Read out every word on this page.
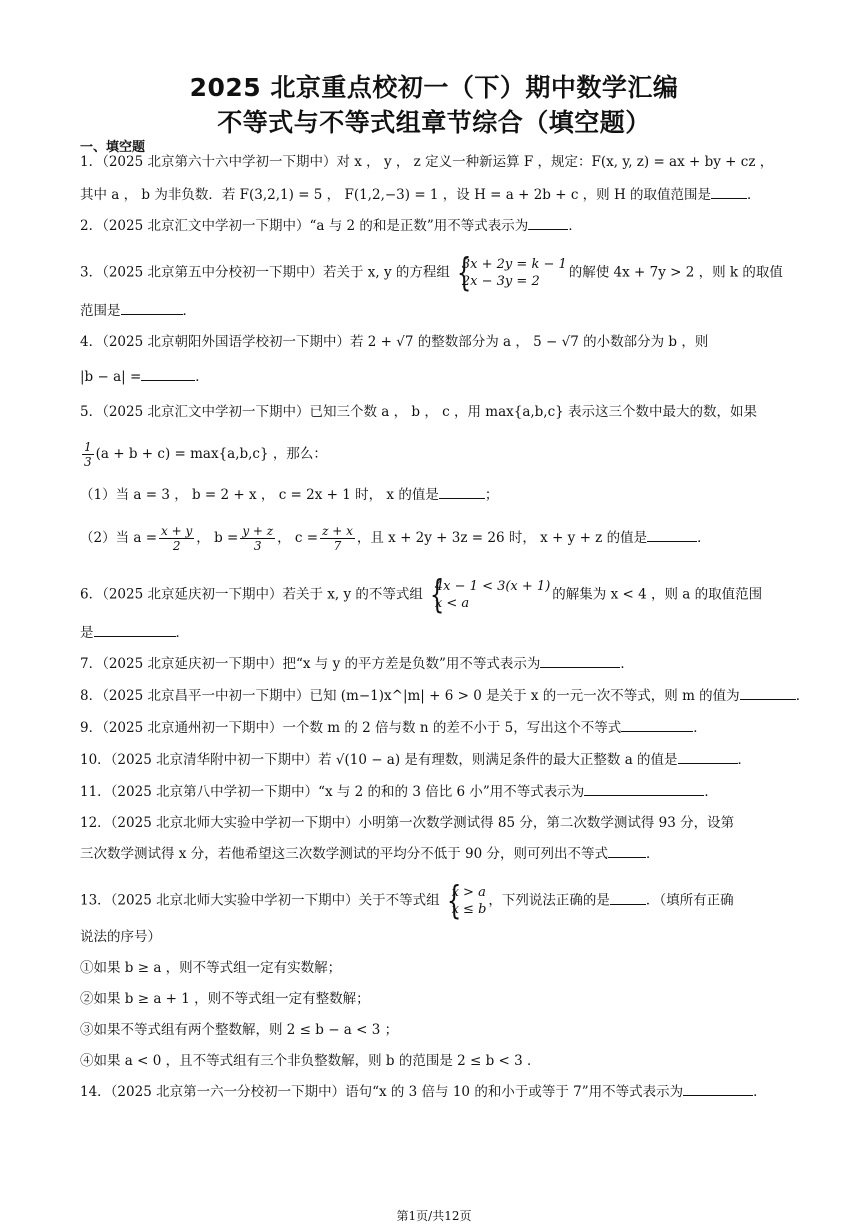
2025 北京重点校初一（下）期中数学汇编
不等式与不等式组章节综合（填空题）
一、填空题
1．（2025 北京第六十六中学初一下期中）对 x ， y ， z 定义一种新运算 F ，规定：F(x, y, z) = ax + by + cz ，
其中 a ， b 为非负数．若 F(3,2,1) = 5 ， F(1,2,−3) = 1 ，设 H = a + 2b + c ，则 H 的取值范围是	．
2．（2025 北京汇文中学初一下期中）“a 与 2 的和是正数”用不等式表示为	．
3．（2025 北京第五中分校初一下期中）若关于 x, y 的方程组 {
3x + 2y = k − 1
2x − 3y = 2
的解使 4x + 7y > 2 ，则 k 的取值
范围是	．
4．（2025 北京朝阳外国语学校初一下期中）若 2 + √7 的整数部分为 a ， 5 − √7 的小数部分为 b ，则
|b − a| =	．
5．（2025 北京汇文中学初一下期中）已知三个数 a ， b ， c ，用 max{a,b,c} 表示这三个数中最大的数，如果
$\frac{1}{3} (a + b + c) = \max\{a,b,c\}$ ，那么：
（1）当 a = 3 ， b = 2 + x ， c = 2x + 1 时， x 的值是	；
（2）当 $a = \frac{x + y}{2}$ ， $b = \frac{y + z}{3}$ ， $c = \frac{z + x}{7}$ ，且 x + 2y + 3z = 26 时， x + y + z 的值是	．
6．（2025 北京延庆初一下期中）若关于 x, y 的不等式组 {
4x − 1 < 3(x + 1)
x < a
的解集为 x < 4 ，则 a 的取值范围
是	．
7．（2025 北京延庆初一下期中）把“x 与 y 的平方差是负数”用不等式表示为	．
8．（2025 北京昌平一中初一下期中）已知 (m−1)x^|m| + 6 > 0 是关于 x 的一元一次不等式，则 m 的值为	．
9．（2025 北京通州初一下期中）一个数 m 的 2 倍与数 n 的差不小于 5，写出这个不等式	．
10．（2025 北京清华附中初一下期中）若 √(10 − a) 是有理数，则满足条件的最大正整数 a 的值是	．
11．（2025 北京第八中学初一下期中）“x 与 2 的和的 3 倍比 6 小”用不等式表示为	．
12．（2025 北京北师大实验中学初一下期中）小明第一次数学测试得 85 分，第二次数学测试得 93 分，设第
三次数学测试得 x 分，若他希望这三次数学测试的平均分不低于 90 分，则可列出不等式	．
13．（2025 北京北师大实验中学初一下期中）关于不等式组 {
x > a
x ≤ b
，下列说法正确的是	．（填所有正确
说法的序号）
①如果 b ≥ a ，则不等式组一定有实数解；
②如果 b ≥ a + 1 ，则不等式组一定有整数解；
③如果不等式组有两个整数解，则 2 ≤ b − a < 3 ；
④如果 a < 0 ，且不等式组有三个非负整数解，则 b 的范围是 2 ≤ b < 3 ．
14．（2025 北京第一六一分校初一下期中）语句“x 的 3 倍与 10 的和小于或等于 7”用不等式表示为	．
第1页/共12页
